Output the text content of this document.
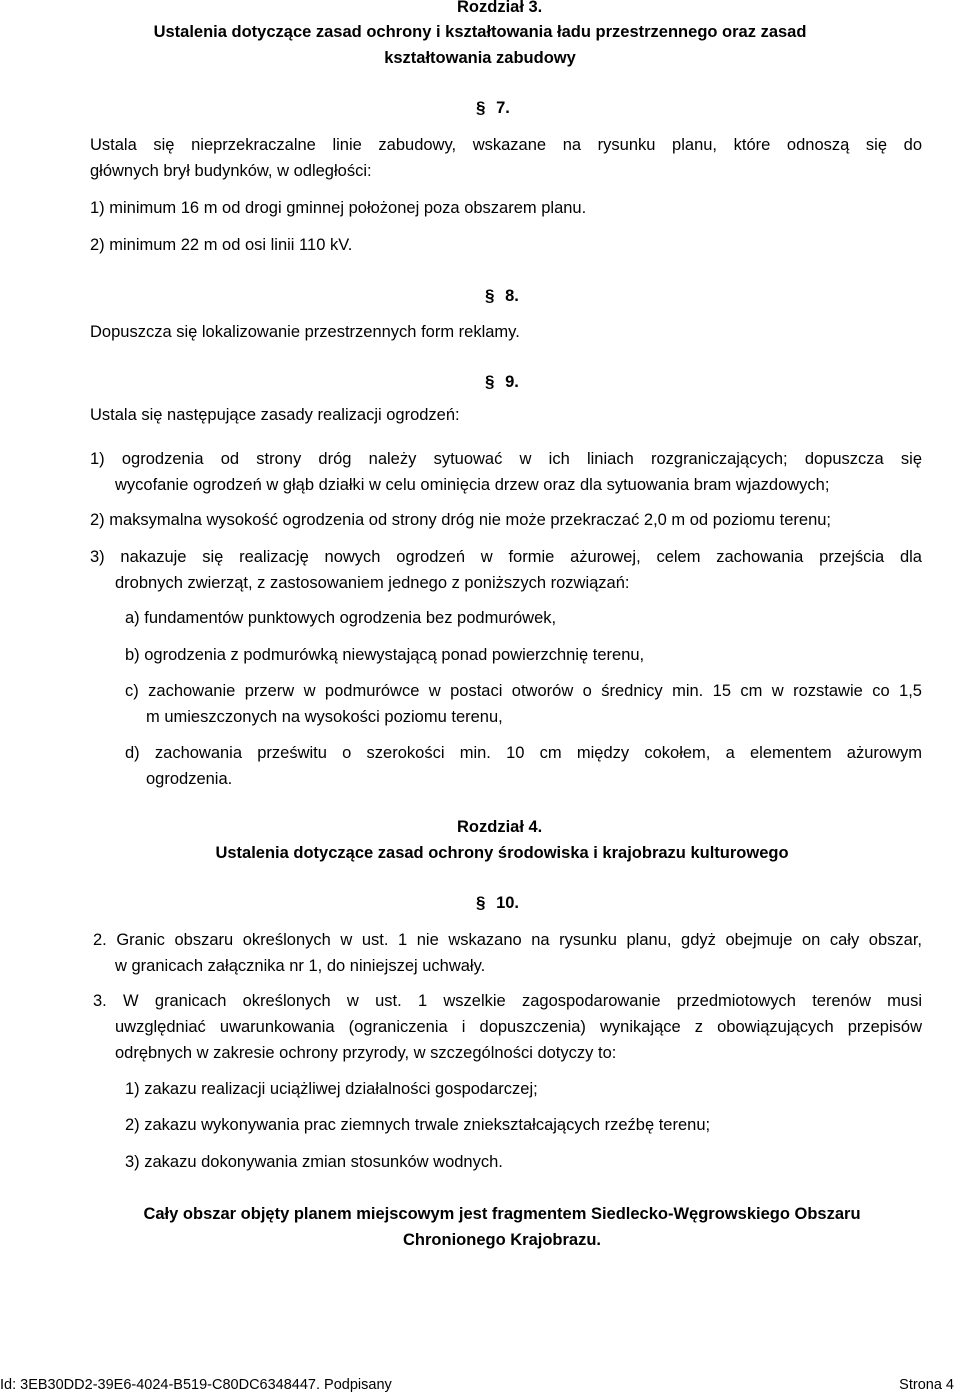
Rozdział 3.
Ustalenia dotyczące zasad ochrony i kształtowania ładu przestrzennego oraz zasad
kształtowania zabudowy
§ 7.
Ustala się nieprzekraczalne linie zabudowy, wskazane na rysunku planu, które odnoszą się do
głównych brył budynków, w odległości:
1) minimum 16 m od drogi gminnej położonej poza obszarem planu.
2) minimum 22 m od osi linii 110 kV.
§ 8.
Dopuszcza się lokalizowanie przestrzennych form reklamy.
§ 9.
Ustala się następujące zasady realizacji ogrodzeń:
1) ogrodzenia od strony dróg należy sytuować w ich liniach rozgraniczających; dopuszcza się
wycofanie ogrodzeń w głąb działki w celu ominięcia drzew oraz dla sytuowania bram wjazdowych;
2) maksymalna wysokość ogrodzenia od strony dróg nie może przekraczać 2,0 m od poziomu terenu;
3) nakazuje się realizację nowych ogrodzeń w formie ażurowej, celem zachowania przejścia dla
drobnych zwierząt, z zastosowaniem jednego z poniższych rozwiązań:
a) fundamentów punktowych ogrodzenia bez podmurówek,
b) ogrodzenia z podmurówką niewystającą ponad powierzchnię terenu,
c) zachowanie przerw w podmurówce w postaci otworów o średnicy min. 15 cm w rozstawie co 1,5
m umieszczonych na wysokości poziomu terenu,
d) zachowania prześwitu o szerokości min. 10 cm między cokołem, a elementem ażurowym
ogrodzenia.
Rozdział 4.
Ustalenia dotyczące zasad ochrony środowiska i krajobrazu kulturowego
§ 10.
2. Granic obszaru określonych w ust. 1 nie wskazano na rysunku planu, gdyż obejmuje on cały obszar,
w granicach załącznika nr 1, do niniejszej uchwały.
3. W granicach określonych w ust. 1 wszelkie zagospodarowanie przedmiotowych terenów musi
uwzględniać uwarunkowania (ograniczenia i dopuszczenia) wynikające z obowiązujących przepisów
odrębnych w zakresie ochrony przyrody, w szczególności dotyczy to:
1) zakazu realizacji uciążliwej działalności gospodarczej;
2) zakazu wykonywania prac ziemnych trwale zniekształcających rzeźbę terenu;
3) zakazu dokonywania zmian stosunków wodnych.
Cały obszar objęty planem miejscowym jest fragmentem Siedlecko-Węgrowskiego Obszaru
Chronionego Krajobrazu.
Id: 3EB30DD2-39E6-4024-B519-C80DC6348447. Podpisany	Strona 4
